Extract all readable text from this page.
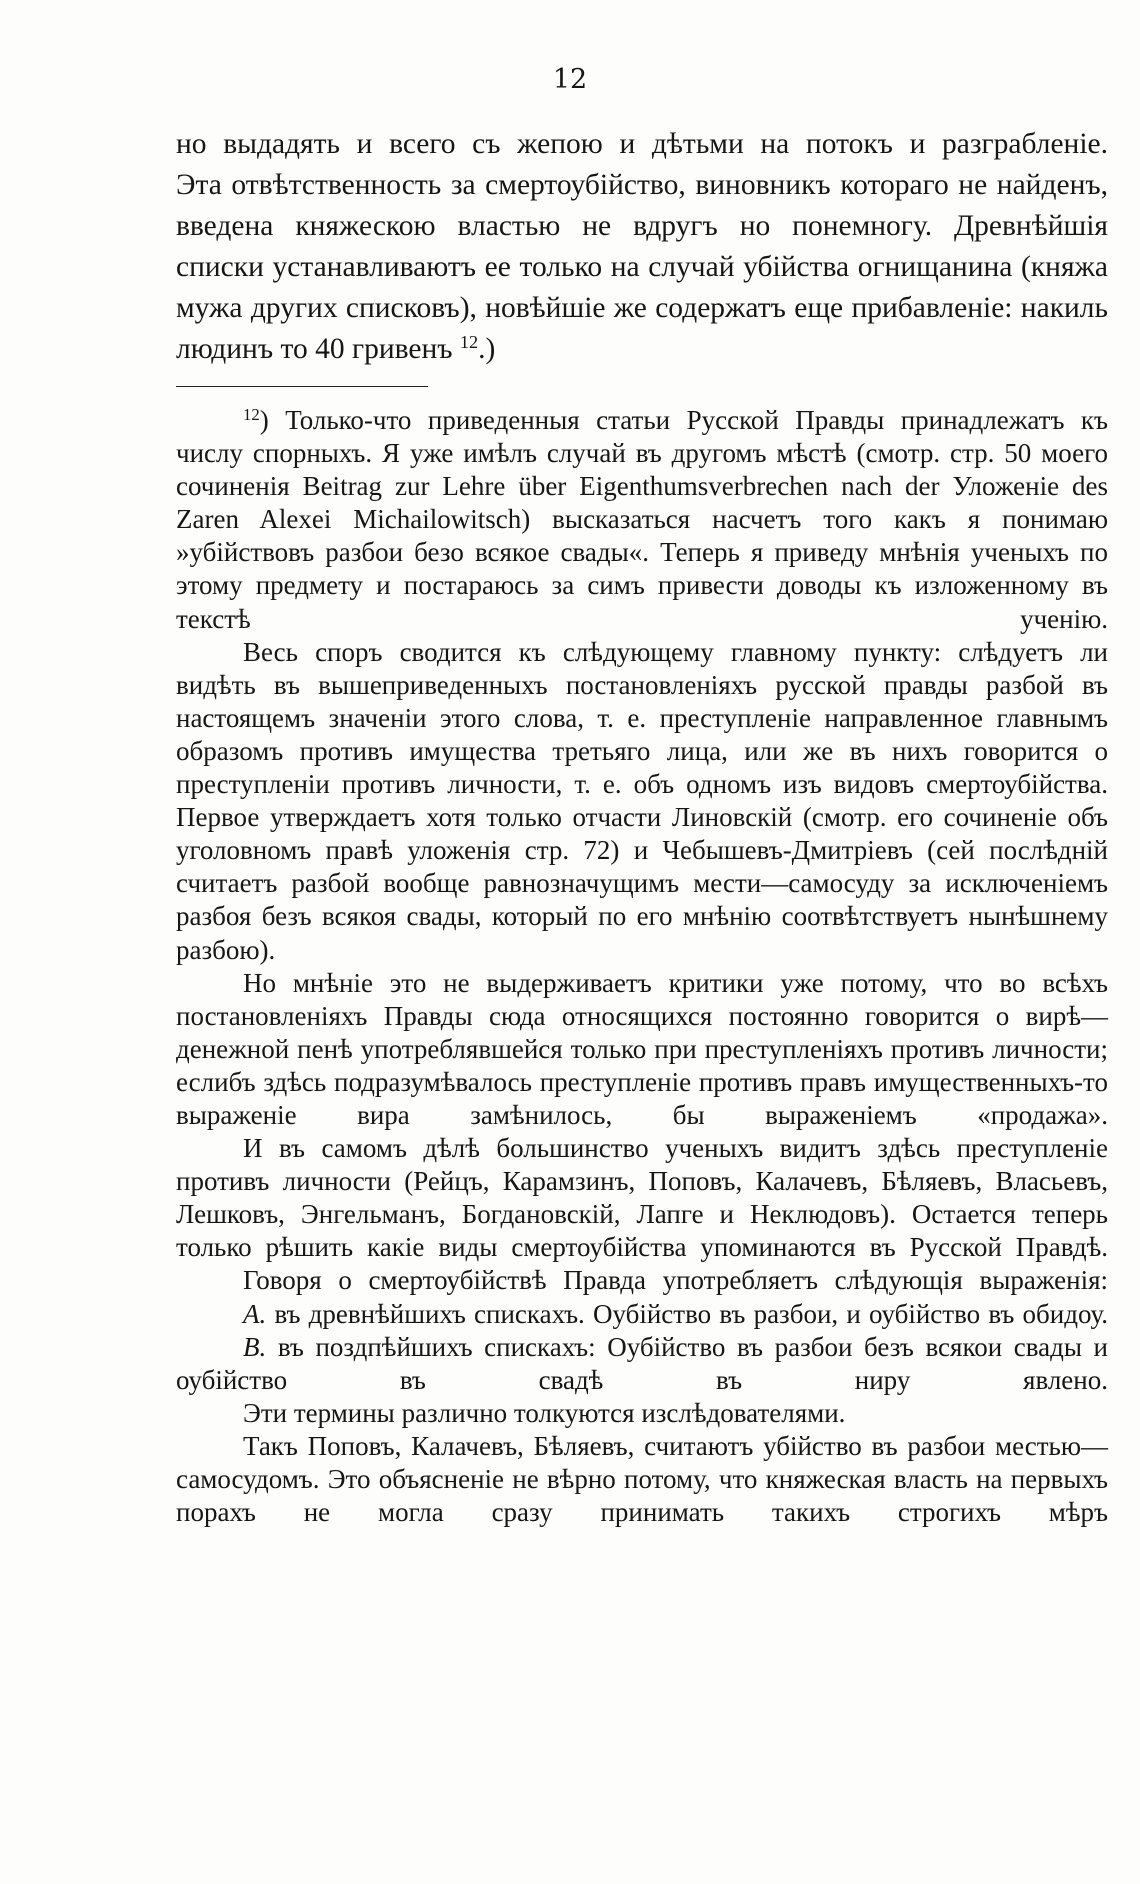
12

но выдадять и всего съ жепою и дѣтьми на потокъ и разграбленіе.

Эта отвѣтственность за смертоубійство, виновникъ котораго не найденъ,

введена княжескою властью не вдругъ но понемногу. Древнѣйшія

списки устанавливаютъ ее только на случай убійства огнищанина (княжа мужа других списковъ), новѣйшіе же содержатъ еще прибавленіе: накиль людинъ то 40 гривенъ $^{12}$.)

$^{12}$) Только-что приведенныя статьи Русской Правды принадлежатъ къ числу спорныхъ. Я уже имѣлъ случай въ другомъ мѣстѣ (смотр. стр. 50 моего сочиненія Beitrag zur Lehre über Eigenthumsverbrechen nach der Уложеніе des Zaren Alexei Michailowitsch) высказаться насчетъ того какъ я понимаю »убійствовъ разбои безо всякое свады«. Теперь я приведу мнѣнія ученыхъ по этому предмету и постараюсь за симъ привести доводы къ изложенному въ текстѣ ученію.

Весь споръ сводится къ слѣдующему главному пункту: слѣдуетъ ли видѣть въ вышеприведенныхъ постановленіяхъ русской правды разбой въ настоящемъ значеніи этого слова, т. е. преступленіе направленное главнымъ образомъ противъ имущества третьяго лица, или же въ нихъ говорится о преступленіи противъ личности, т. е. объ одномъ изъ видовъ смертоубійства. Первое утверждаетъ хотя только отчасти Линовскій (смотр. его сочиненіе объ уголовномъ правѣ уложенія стр. 72) и Чебышевъ-Дмитріевъ (сей послѣдній считаетъ разбой вообще равнозначущимъ мести—самосуду за исключеніемъ разбоя безъ всякоя свады, который по его мнѣнію соотвѣтствуетъ нынѣшнему разбою).

Но мнѣніе это не выдерживаетъ критики уже потому, что во всѣхъ постановленіяхъ Правды сюда относящихся постоянно говорится о вирѣ—денежной пенѣ употреблявшейся только при преступленіяхъ противъ личности; еслибъ здѣсь подразумѣвалось преступленіе противъ правъ имущественныхъ-то выраженіе вира замѣнилось, бы выраженіемъ «продажа».

И въ самомъ дѣлѣ большинство ученыхъ видитъ здѣсь преступленіе противъ личности (Рейцъ, Карамзинъ, Поповъ, Калачевъ, Бѣляевъ, Власьевъ, Лешковъ, Энгельманъ, Богдановскій, Лапге и Неклюдовъ). Остается теперь только рѣшить какіе виды смертоубійства упоминаются въ Русской Правдѣ.

Говоря о смертоубійствѣ Правда употребляетъ слѣдующія выраженія:

А. въ древнѣйшихъ спискахъ. Оубійство въ разбои, и оубійство въ обидоу.

B. въ поздпѣйшихъ спискахъ: Оубійство въ разбои безъ всякои свады и оубійство въ свадѣ въ ниру явлено.

Эти термины различно толкуются изслѣдователями.

Такъ Поповъ, Калачевъ, Бѣляевъ, считаютъ убійство въ разбои местью—самосудомъ. Это объясненіе не вѣрно потому, что княжеская власть на первыхъ порахъ не могла сразу принимать такихъ строгихъ мѣръ
